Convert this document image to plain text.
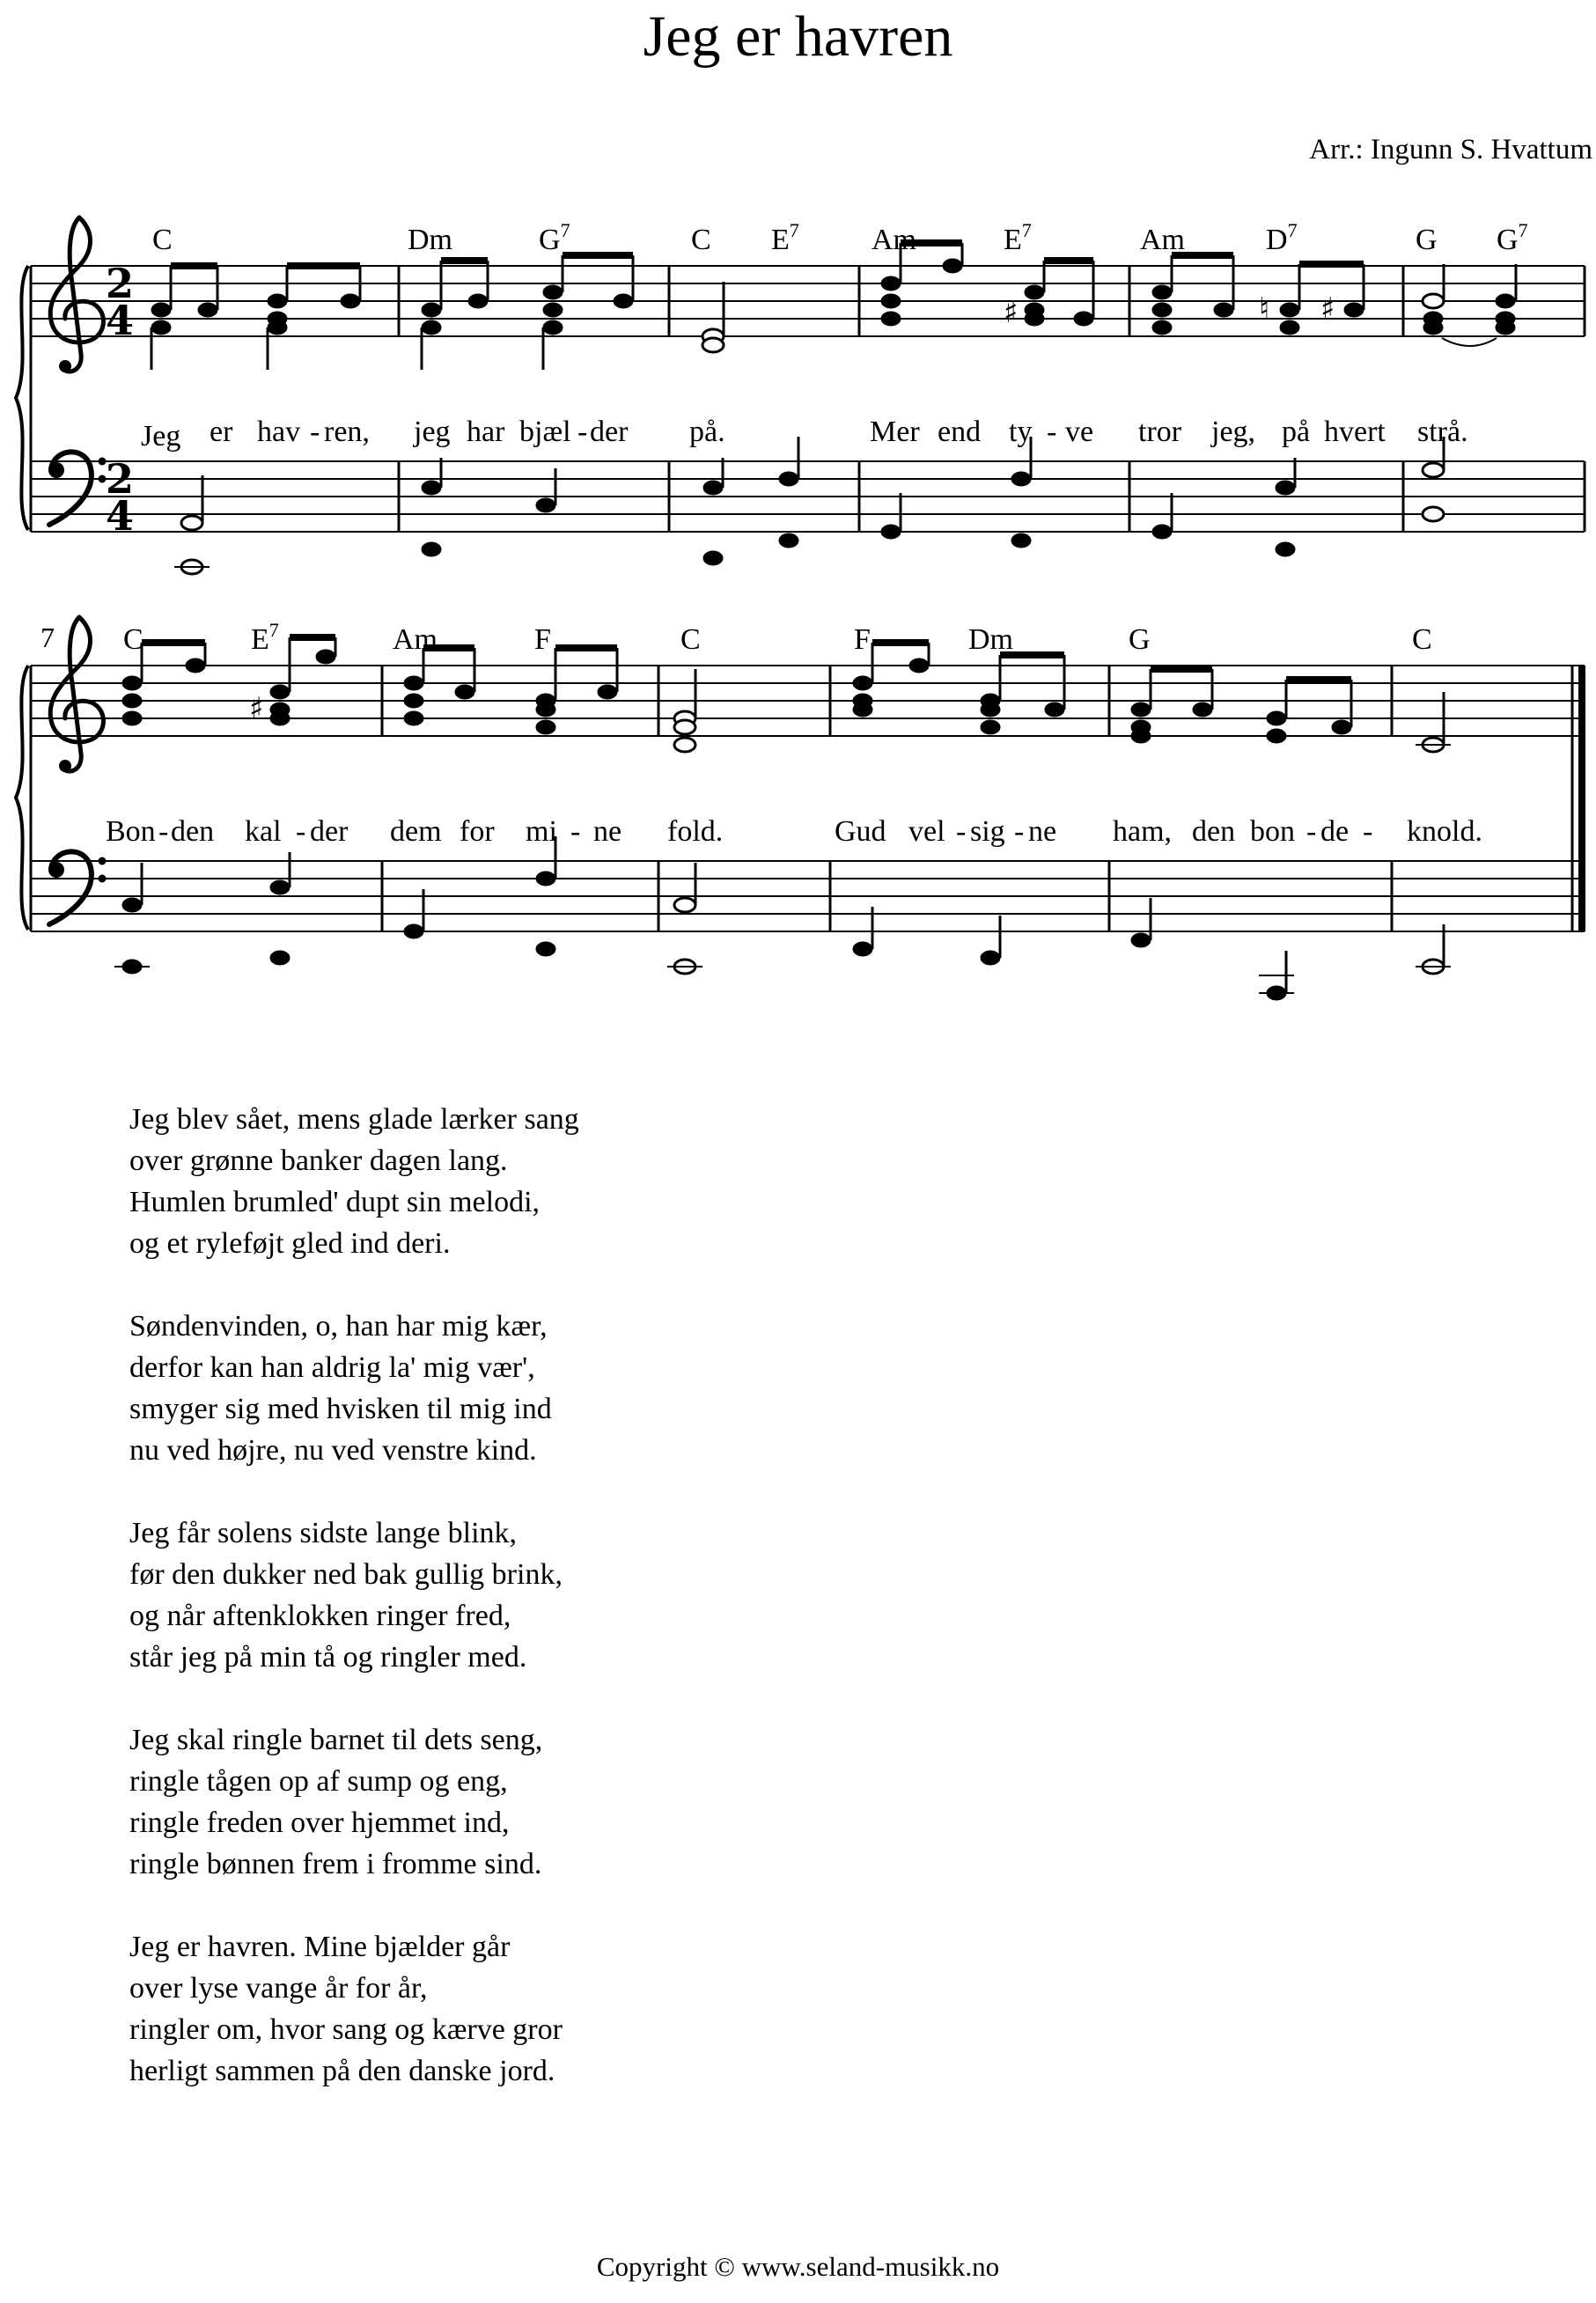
Jeg er havren
Arr.: Ingunn S. Hvattum
C	Dm	$G^7$	C $E^7$ Am	$E^7$	Am	$D^7$	G $G^7$
2
4
2
4
♯	♮ ♯
Jeg er hav - ren, jeg har bjæl - der på.	Mer end ty - ve tror jeg, på hvert strå.
7 C	$E^7$	Am	F	C	F	Dm	G	C
♯
Bon - den kal - der dem for mi - ne fold.	Gud vel - sig - ne ham, den bon - de - knold.
Jeg blev sået, mens glade lærker sang
over grønne banker dagen lang.
Humlen brumled' dupt sin melodi,
og et ryleføjt gled ind deri.
Søndenvinden, o, han har mig kær,
derfor kan han aldrig la' mig vær',
smyger sig med hvisken til mig ind
nu ved højre, nu ved venstre kind.
Jeg får solens sidste lange blink,
før den dukker ned bak gullig brink,
og når aftenklokken ringer fred,
står jeg på min tå og ringler med.
Jeg skal ringle barnet til dets seng,
ringle tågen op af sump og eng,
ringle freden over hjemmet ind,
ringle bønnen frem i fromme sind.
Jeg er havren. Mine bjælder går
over lyse vange år for år,
ringler om, hvor sang og kærve gror
herligt sammen på den danske jord.
Copyright © www.seland-musikk.no
